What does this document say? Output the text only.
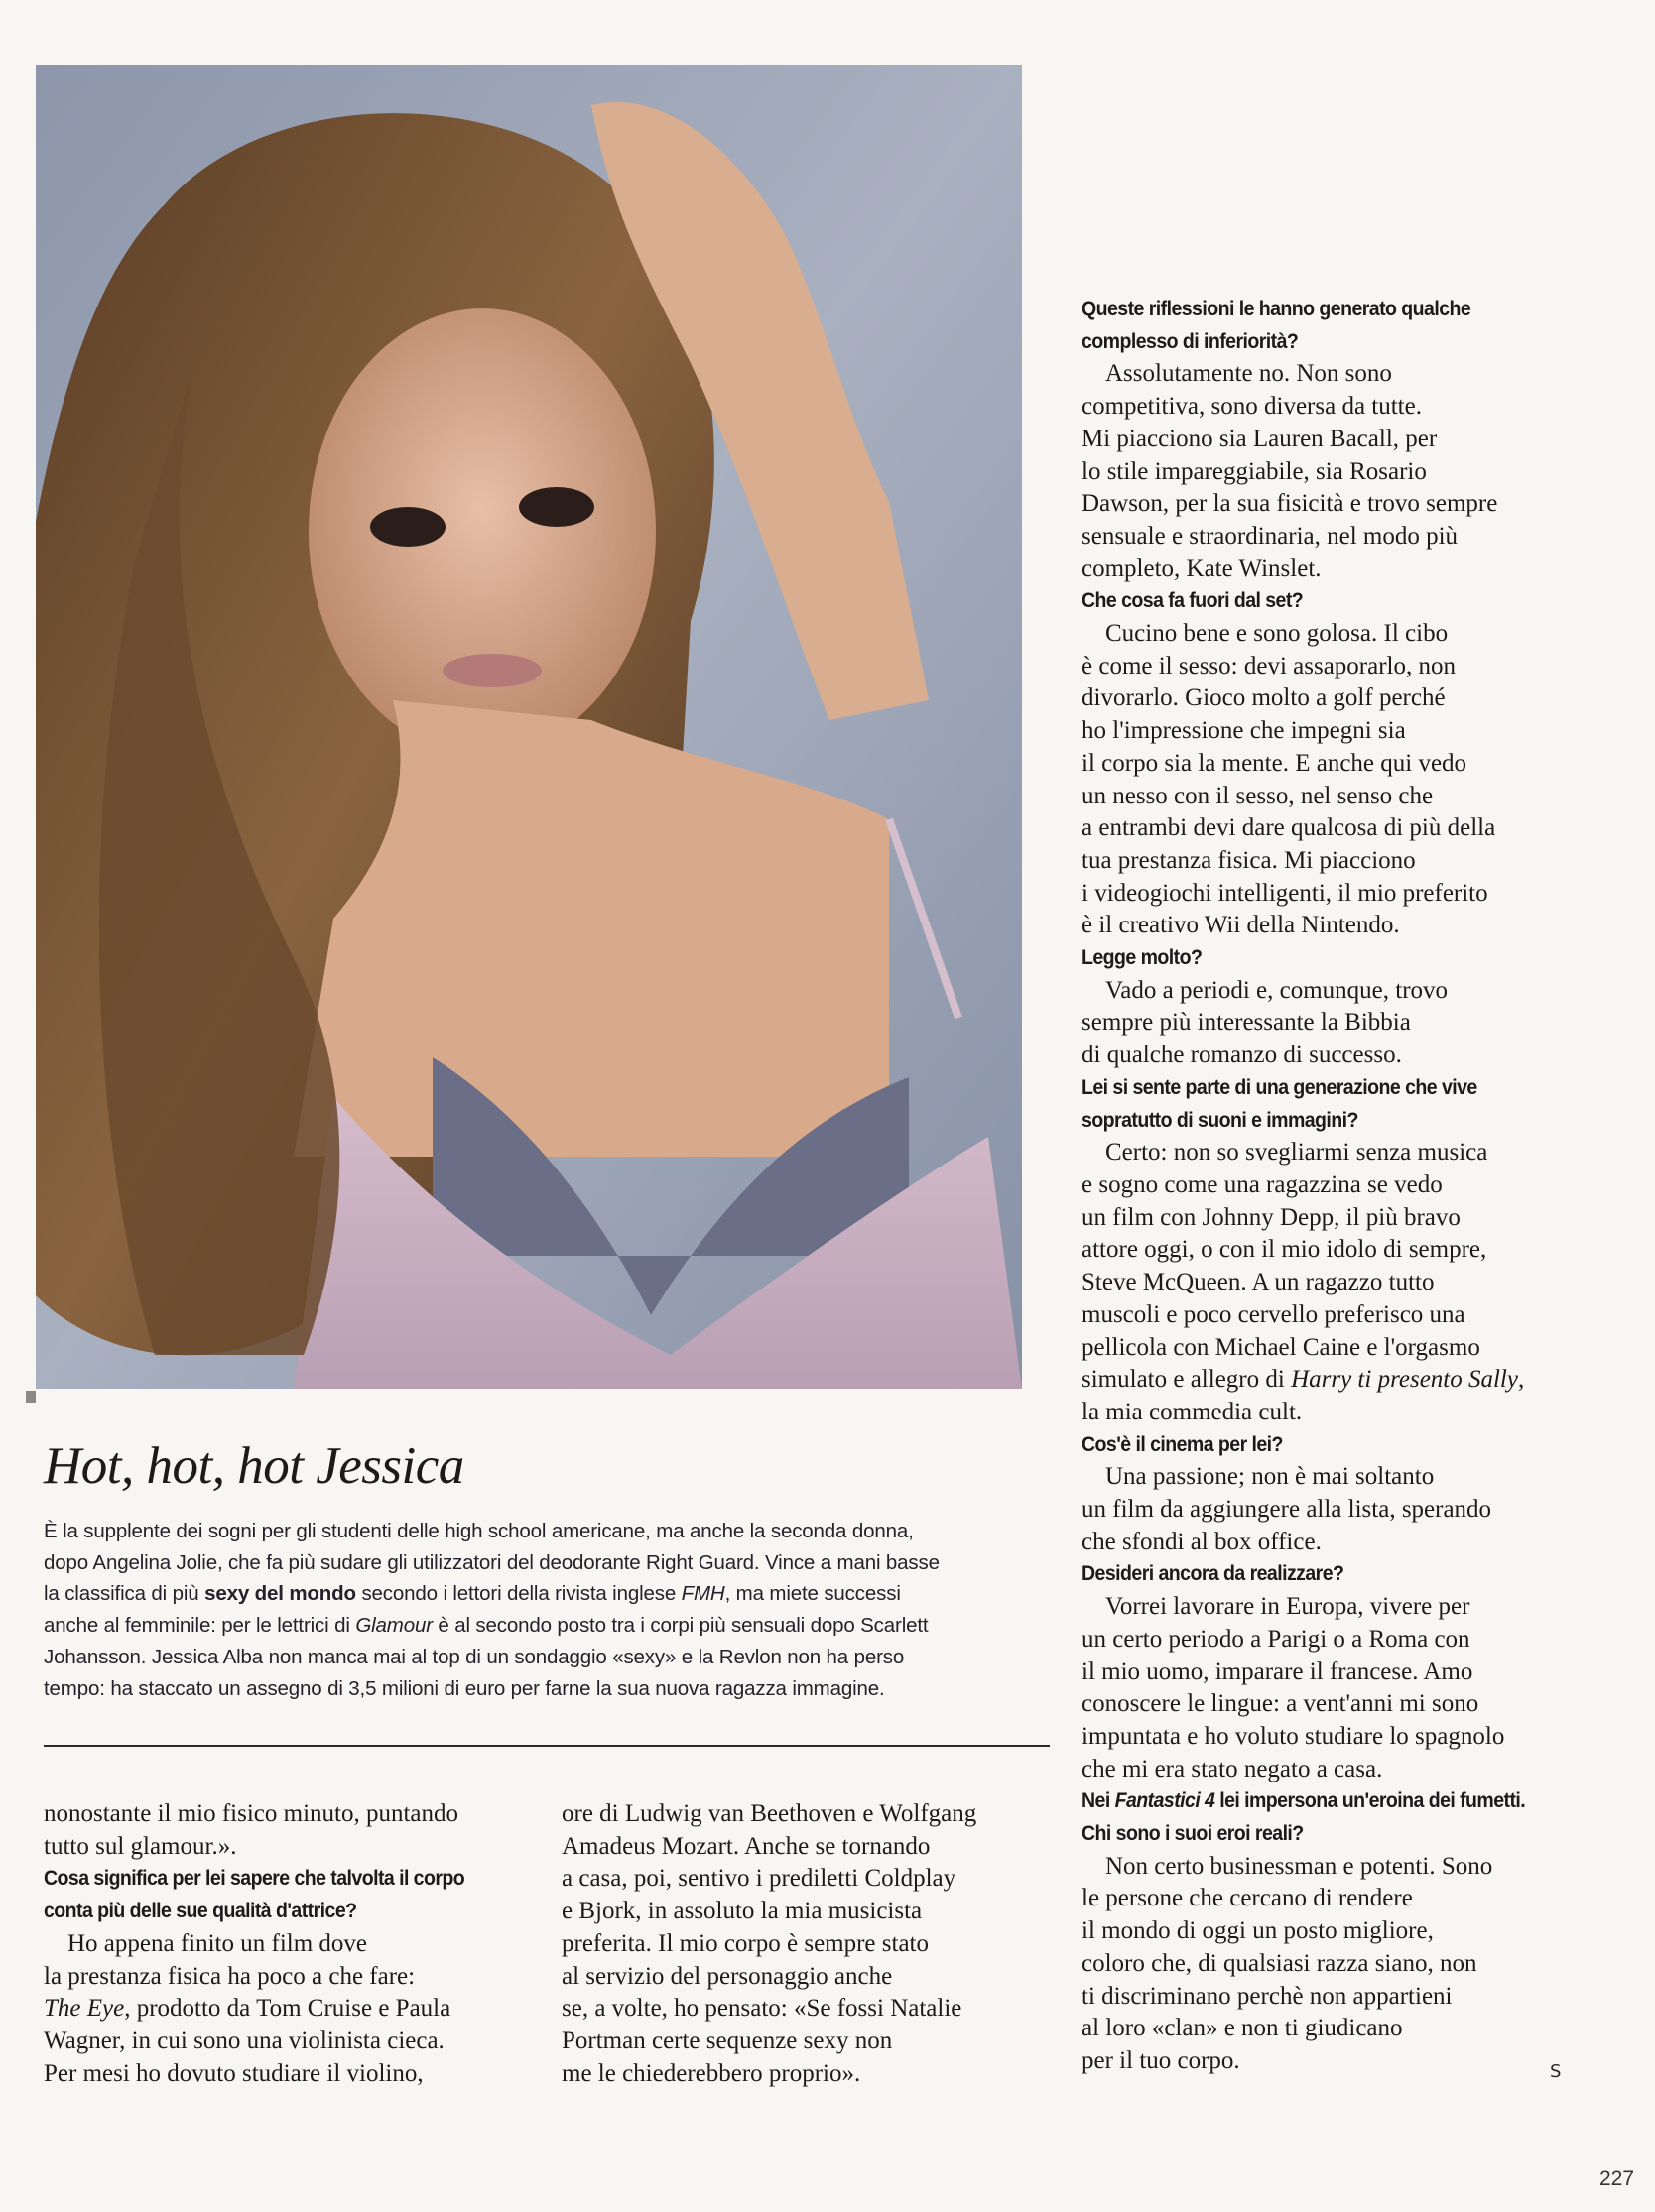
Queste riflessioni le hanno generato qualche
complesso di inferiorità?
Assolutamente no. Non sono
competitiva, sono diversa da tutte.
Mi piacciono sia Lauren Bacall, per
lo stile impareggiabile, sia Rosario
Dawson, per la sua fisicità e trovo sempre
sensuale e straordinaria, nel modo più
completo, Kate Winslet.
Che cosa fa fuori dal set?
Cucino bene e sono golosa. Il cibo
è come il sesso: devi assaporarlo, non
divorarlo. Gioco molto a golf perché
ho l'impressione che impegni sia
il corpo sia la mente. E anche qui vedo
un nesso con il sesso, nel senso che
a entrambi devi dare qualcosa di più della
tua prestanza fisica. Mi piacciono
i videogiochi intelligenti, il mio preferito
è il creativo Wii della Nintendo.
Legge molto?
Vado a periodi e, comunque, trovo
sempre più interessante la Bibbia
di qualche romanzo di successo.
Lei si sente parte di una generazione che vive
sopratutto di suoni e immagini?
Certo: non so svegliarmi senza musica
e sogno come una ragazzina se vedo
un film con Johnny Depp, il più bravo
attore oggi, o con il mio idolo di sempre,
Steve McQueen. A un ragazzo tutto
muscoli e poco cervello preferisco una
pellicola con Michael Caine e l'orgasmo
simulato e allegro di Harry ti presento Sally,
la mia commedia cult.
Cos'è il cinema per lei?
Una passione; non è mai soltanto
un film da aggiungere alla lista, sperando
che sfondi al box office.
Desideri ancora da realizzare?
Vorrei lavorare in Europa, vivere per
un certo periodo a Parigi o a Roma con
il mio uomo, imparare il francese. Amo
conoscere le lingue: a vent'anni mi sono
impuntata e ho voluto studiare lo spagnolo
che mi era stato negato a casa.
Nei Fantastici 4 lei impersona un'eroina dei fumetti.
Chi sono i suoi eroi reali?
Non certo businessman e potenti. Sono
le persone che cercano di rendere
il mondo di oggi un posto migliore,
coloro che, di qualsiasi razza siano, non
ti discriminano perchè non appartieni
al loro «clan» e non ti giudicano
per il tuo corpo.
Hot, hot, hot Jessica
È la supplente dei sogni per gli studenti delle high school americane, ma anche la seconda donna,
dopo Angelina Jolie, che fa più sudare gli utilizzatori del deodorante Right Guard. Vince a mani basse
la classifica di più sexy del mondo secondo i lettori della rivista inglese FMH, ma miete successi
anche al femminile: per le lettrici di Glamour è al secondo posto tra i corpi più sensuali dopo Scarlett
Johansson. Jessica Alba non manca mai al top di un sondaggio «sexy» e la Revlon non ha perso
tempo: ha staccato un assegno di 3,5 milioni di euro per farne la sua nuova ragazza immagine.
nonostante il mio fisico minuto, puntando
tutto sul glamour.».
Cosa significa per lei sapere che talvolta il corpo
conta più delle sue qualità d'attrice?
Ho appena finito un film dove
la prestanza fisica ha poco a che fare:
The Eye, prodotto da Tom Cruise e Paula
Wagner, in cui sono una violinista cieca.
Per mesi ho dovuto studiare il violino,
ore di Ludwig van Beethoven e Wolfgang
Amadeus Mozart. Anche se tornando
a casa, poi, sentivo i prediletti Coldplay
e Bjork, in assoluto la mia musicista
preferita. Il mio corpo è sempre stato
al servizio del personaggio anche
se, a volte, ho pensato: «Se fossi Natalie
Portman certe sequenze sexy non
me le chiederebbero proprio».	S
227
